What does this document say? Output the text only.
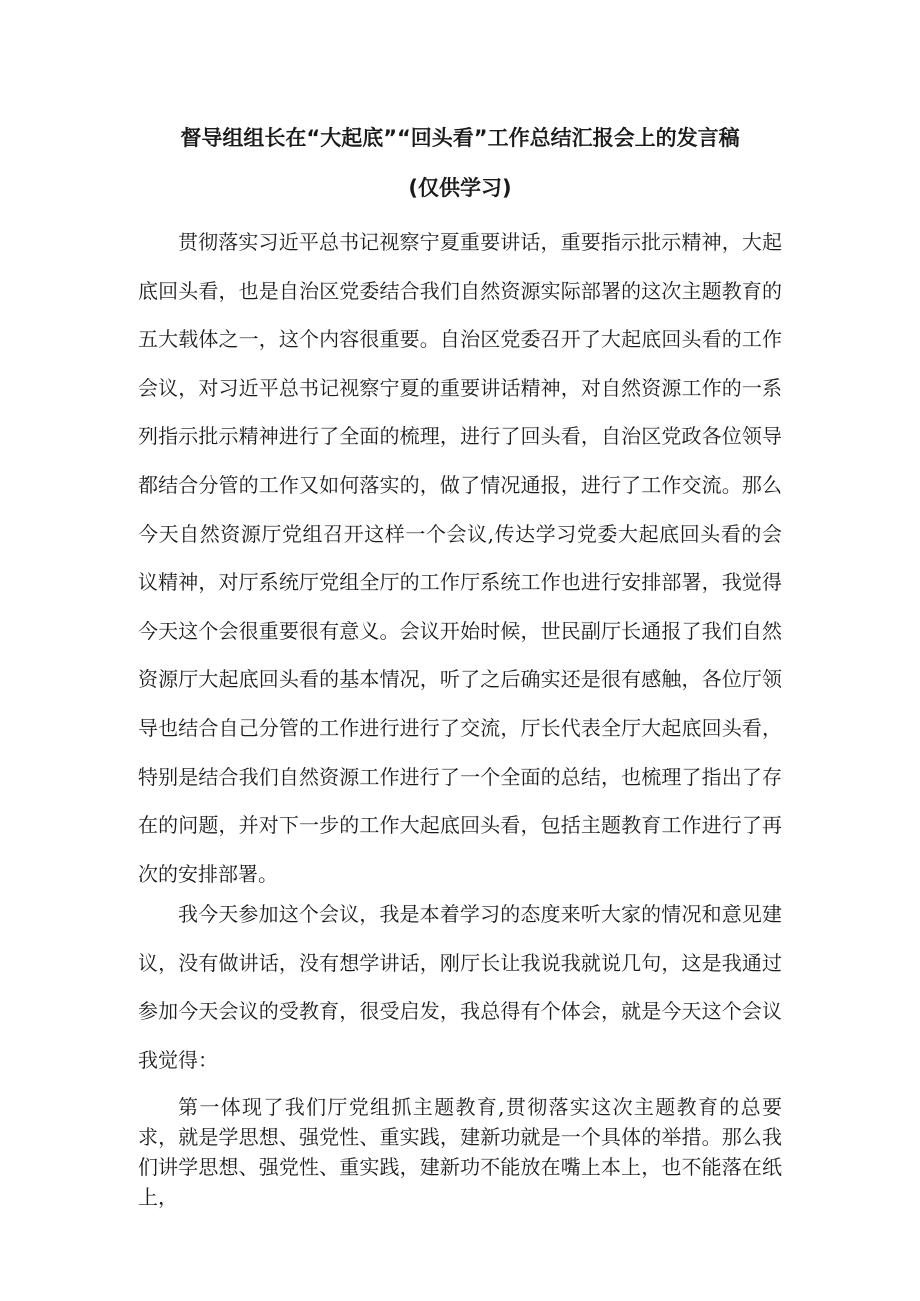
督导组组长在“大起底”“回头看”工作总结汇报会上的发言稿
(仅供学习)

贯彻落实习近平总书记视察宁夏重要讲话，重要指示批示精神，大起底回头看，也是自治区党委结合我们自然资源实际部署的这次主题教育的五大载体之一，这个内容很重要。自治区党委召开了大起底回头看的工作会议，对习近平总书记视察宁夏的重要讲话精神，对自然资源工作的一系列指示批示精神进行了全面的梳理，进行了回头看，自治区党政各位领导都结合分管的工作又如何落实的，做了情况通报，进行了工作交流。那么今天自然资源厅党组召开这样一个会议,传达学习党委大起底回头看的会议精神，对厅系统厅党组全厅的工作厅系统工作也进行安排部署，我觉得今天这个会很重要很有意义。会议开始时候，世民副厅长通报了我们自然资源厅大起底回头看的基本情况，听了之后确实还是很有感触，各位厅领导也结合自己分管的工作进行进行了交流，厅长代表全厅大起底回头看，特别是结合我们自然资源工作进行了一个全面的总结，也梳理了指出了存在的问题，并对下一步的工作大起底回头看，包括主题教育工作进行了再次的安排部署。

我今天参加这个会议，我是本着学习的态度来听大家的情况和意见建议，没有做讲话，没有想学讲话，刚厅长让我说我就说几句，这是我通过参加今天会议的受教育，很受启发，我总得有个体会，就是今天这个会议我觉得：

第一体现了我们厅党组抓主题教育,贯彻落实这次主题教育的总要求，就是学思想、强党性、重实践，建新功就是一个具体的举措。那么我们讲学思想、强党性、重实践，建新功不能放在嘴上本上，也不能落在纸上，
